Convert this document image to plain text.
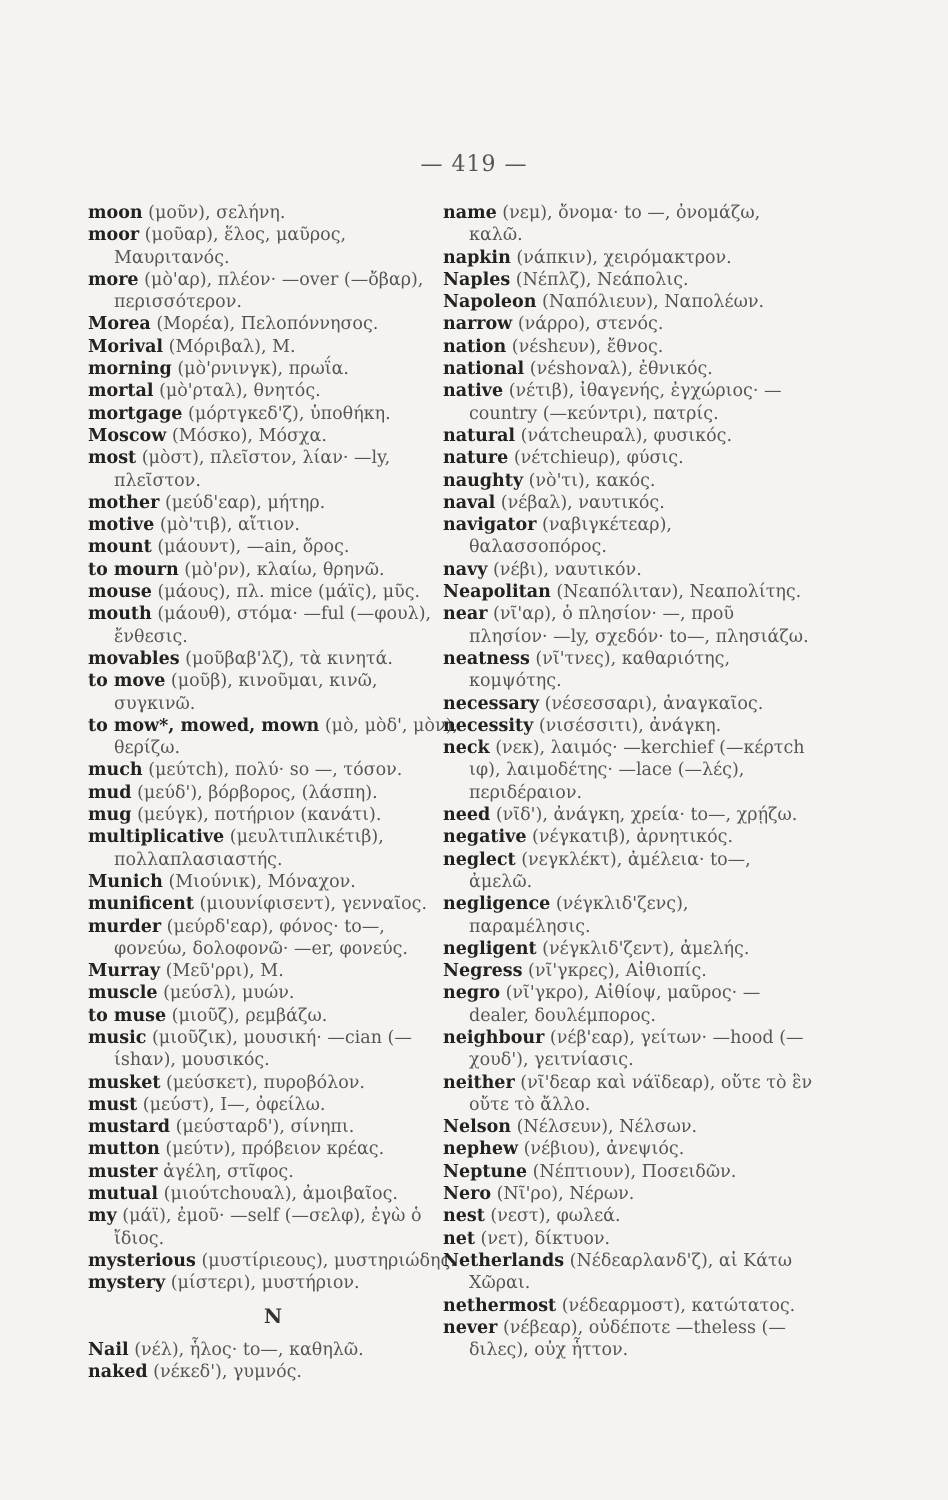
— 419 —

moon (μοῦν), σελήνη.

moor (μοῦαρ), ἕλος, μαῦρος, Μαυριτανός.

more (μὸ'αρ), πλέον· —over (—ὄβαρ), περισσότερον.

Morea (Μορέα), Πελοπόννησος.

Morival (Μόριβαλ), Μ.

morning (μὸ'ρνινγκ), πρωΐα.

mortal (μὸ'ρταλ), θνητός.

mortgage (μόρτγκεδ'ζ), ὑποθήκη.

Moscow (Μόσκο), Μόσχα.

most (μὸστ), πλεῖστον, λίαν· —ly, πλεῖστον.

mother (μεύδ'εαρ), μήτηρ.

motive (μὸ'τιβ), αἴτιον.

mount (μάουντ), —ain, ὄρος.

to mourn (μὸ'ρν), κλαίω, θρηνῶ.

mouse (μάους), πλ. mice (μάϊς), μῦς.

mouth (μάουθ), στόμα· —ful (—φουλ), ἔνθεσις.

movables (μοῦβαβ'λζ), τὰ κινητά.

to move (μοῦβ), κινοῦμαι, κινῶ, συγκινῶ.

to mow*, mowed, mown (μὸ, μὸδ', μὸν), θερίζω.

much (μεύτch), πολύ· so —, τόσον.

mud (μεύδ'), βόρβορος, (λάσπη).

mug (μεύγκ), ποτήριον (κανάτι).

multiplicative (μευλτιπλικέτιβ), πολλαπλασιαστής.

Munich (Μιούνικ), Μόναχον.

munificent (μιουνίφισεντ), γενναῖος.

murder (μεύρδ'εαρ), φόνος· to—, φονεύω, δολοφονῶ· —er, φονεύς.

Murray (Μεῦ'ρρι), Μ.

muscle (μεύσλ), μυών.

to muse (μιοῦζ), ρεμβάζω.

music (μιοῦζικ), μουσική· —cian (—ίshαν), μουσικός.

musket (μεύσκετ), πυροβόλον.

must (μεύστ), I—, ὀφείλω.

mustard (μεύσταρδ'), σίνηπι.

mutton (μεύτν), πρόβειον κρέας.

muster ἀγέλη, στῖφος.

mutual (μιούτchουαλ), ἀμοιβαῖος.

my (μάϊ), ἐμοῦ· —self (—σελφ), ἐγὼ ὁ ἴδιος.

mysterious (μυστίριεους), μυστηριώδης.

mystery (μίστερι), μυστήριον.

N

Nail (νέλ), ἧλος· to—, καθηλῶ.

naked (νέκεδ'), γυμνός.

name (νεμ), ὄνομα· to —, ὀνομάζω, καλῶ.

napkin (νάπκιν), χειρόμακτρον.

Naples (Νέπλζ), Νεάπολις.

Napoleon (Ναπόλιευν), Ναπολέων.

narrow (νάρρο), στενός.

nation (νέshευν), ἔθνος.

national (νέshοναλ), ἐθνικός.

native (νέτιβ), ἰθαγενής, ἐγχώριος· — country (—κεύντρι), πατρίς.

natural (νάτcheuραλ), φυσικός.

nature (νέτchieuρ), φύσις.

naughty (νὸ'τι), κακός.

naval (νέβαλ), ναυτικός.

navigator (ναβιγκέτεαρ), θαλασσοπόρος.

navy (νέβι), ναυτικόν.

Neapolitan (Νεαπόλιταν), Νεαπολίτης.

near (νῖ'αρ), ὁ πλησίον· —, πρoῦ πλησίον· —ly, σχεδόν· to—, πλησιάζω.

neatness (νῖ'τνες), καθαριότης, κομψότης.

necessary (νέσεσσαρι), ἀναγκαῖος.

necessity (νισέσσιτι), ἀνάγκη.

neck (νεκ), λαιμός· —kerchief (—κέρτch ιφ), λαιμοδέτης· —lace (—λές), περιδέραιον.

need (νῖδ'), ἀνάγκη, χρεία· to—, χρῄζω.

negative (νέγκατιβ), ἀρνητικός.

neglect (νεγκλέκτ), ἀμέλεια· to—, ἀμελῶ.

negligence (νέγκλιδ'ζενς), παραμέλησις.

negligent (νέγκλιδ'ζεντ), ἀμελής.

Negress (νῖ'γκρες), Αἰθιοπίς.

negro (νῖ'γκρο), Αἰθίοψ, μαῦρος· — dealer, δουλέμπορος.

neighbour (νέβ'εαρ), γείτων· —hood (—χουδ'), γειτνίασις.

neither (νῖ'δεαρ καὶ νάϊδεαρ), οὔτε τὸ ἓν οὔτε τὸ ἄλλο.

Nelson (Νέλσευν), Νέλσων.

nephew (νέβιου), ἀνεψιός.

Neptune (Νέπτιουν), Ποσειδῶν.

Nero (Νῖ'ρο), Νέρων.

nest (νεστ), φωλεά.

net (νετ), δίκτυον.

Netherlands (Νέδεαρλανδ'ζ), αἱ Κάτω Χῶραι.

nethermost (νέδεαρμοστ), κατώτατος.

never (νέβεαρ), οὐδέποτε —theless (—διλες), οὐχ ἧττον.
